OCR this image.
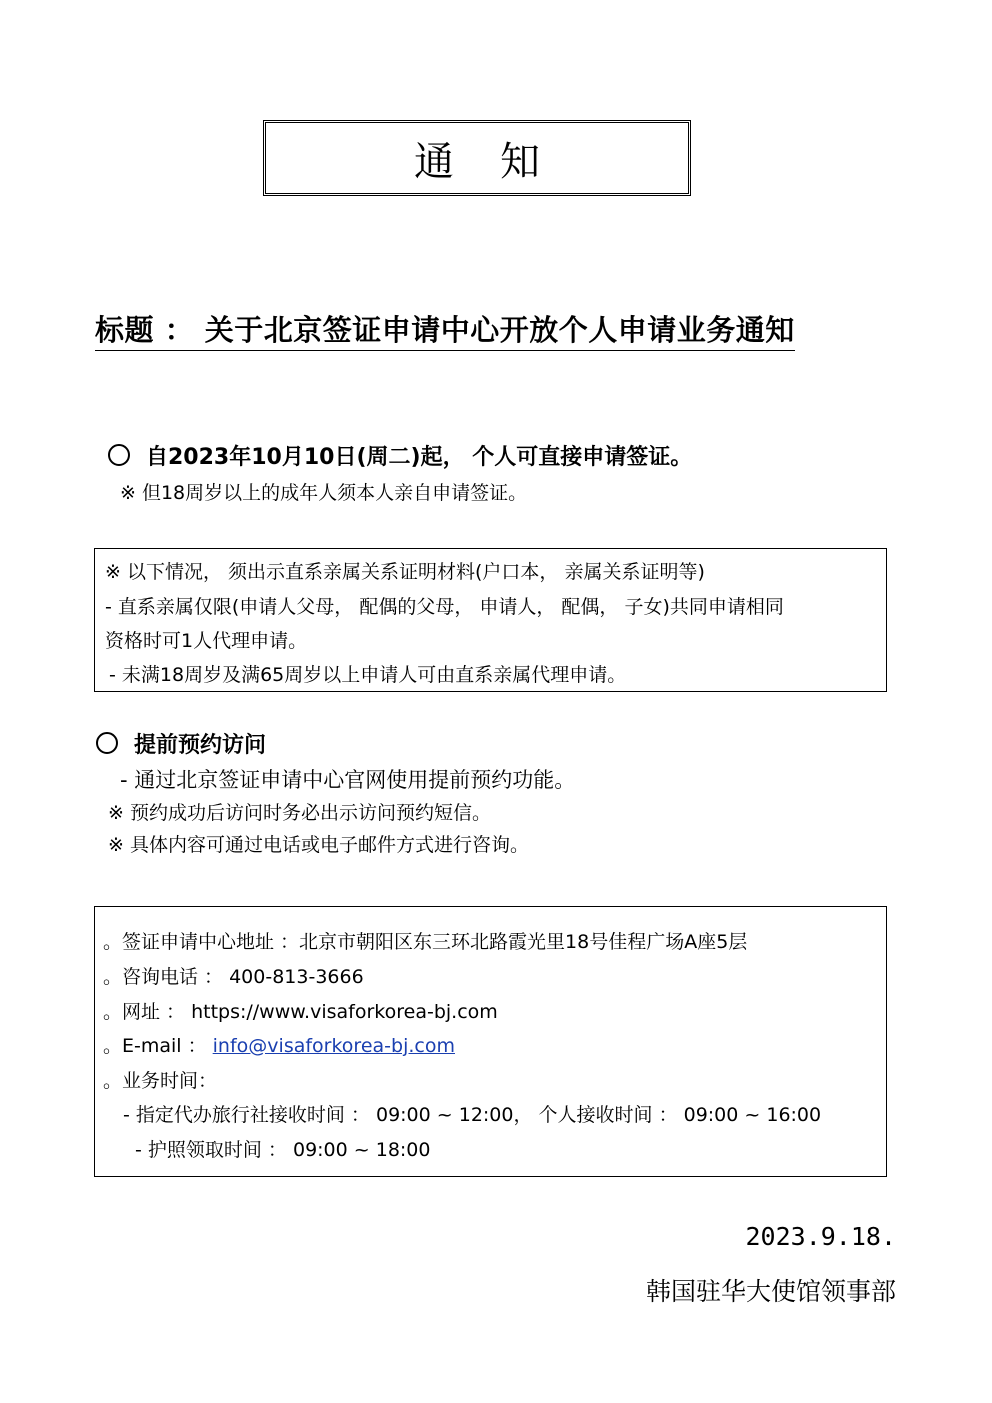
通知
标题 ： 关于北京签证申请中心开放个人申请业务通知
自2023年10月10日(周二)起， 个人可直接申请签证。
※ 但18周岁以上的成年人须本人亲自申请签证。
※ 以下情况， 须出示直系亲属关系证明材料(户口本， 亲属关系证明等)
- 直系亲属仅限(申请人父母， 配偶的父母， 申请人， 配偶， 子女)共同申请相同
资格时可1人代理申请。
- 未满18周岁及满65周岁以上申请人可由直系亲属代理申请。
提前预约访问
- 通过北京签证申请中心官网使用提前预约功能。
※ 预约成功后访问时务必出示访问预约短信。
※ 具体内容可通过电话或电子邮件方式进行咨询。
。签证申请中心地址 ：北京市朝阳区东三环北路霞光里18号佳程广场A座5层
。咨询电话 ： 400-813-3666
。网址 ： https://www.visaforkorea-bj.com
。E-mail ： info@visaforkorea-bj.com
。业务时间：
- 指定代办旅行社接收时间 ： 09:00 ~ 12:00， 个人接收时间 ： 09:00 ~ 16:00
- 护照领取时间 ： 09:00 ~ 18:00
2023.9.18.
韩国驻华大使馆领事部
